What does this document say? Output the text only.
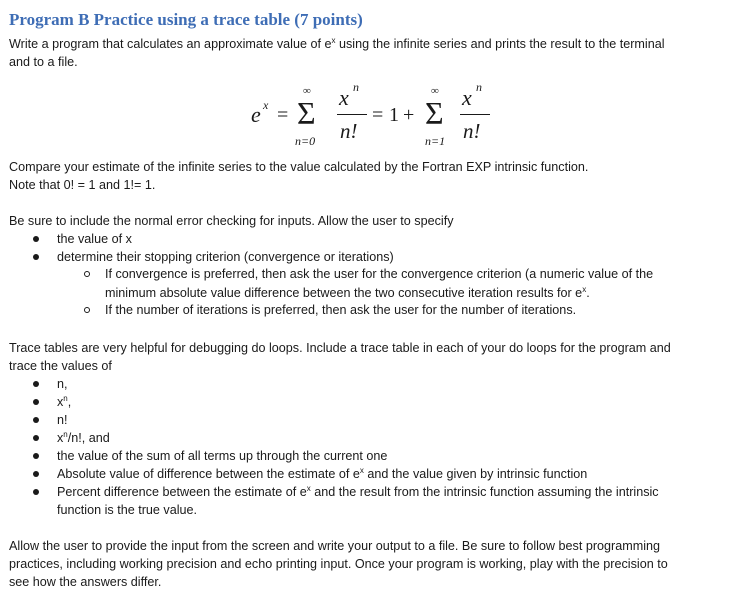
Program B Practice using a trace table (7 points)
Write a program that calculates an approximate value of $e^x$ using the infinite series and prints the result to the terminal
and to a file.
e x =
∞
Σ
n=0
x n
n!
= 1 +
∞
Σ
n=1
x n
n!
Compare your estimate of the infinite series to the value calculated by the Fortran EXP intrinsic function.
Note that 0! = 1 and 1!= 1.
Be sure to include the normal error checking for inputs. Allow the user to specify
the value of x
determine their stopping criterion (convergence or iterations)
If convergence is preferred, then ask the user for the convergence criterion (a numeric value of the
minimum absolute value difference between the two consecutive iteration results for $e^x$.
If the number of iterations is preferred, then ask the user for the number of iterations.
Trace tables are very helpful for debugging do loops. Include a trace table in each of your do loops for the program and
trace the values of
n,
$x^n$,
n!
$x^n/n$!, and
the value of the sum of all terms up through the current one
Absolute value of difference between the estimate of $e^x$ and the value given by intrinsic function
Percent difference between the estimate of $e^x$ and the result from the intrinsic function assuming the intrinsic
function is the true value.
Allow the user to provide the input from the screen and write your output to a file. Be sure to follow best programming
practices, including working precision and echo printing input. Once your program is working, play with the precision to
see how the answers differ.
